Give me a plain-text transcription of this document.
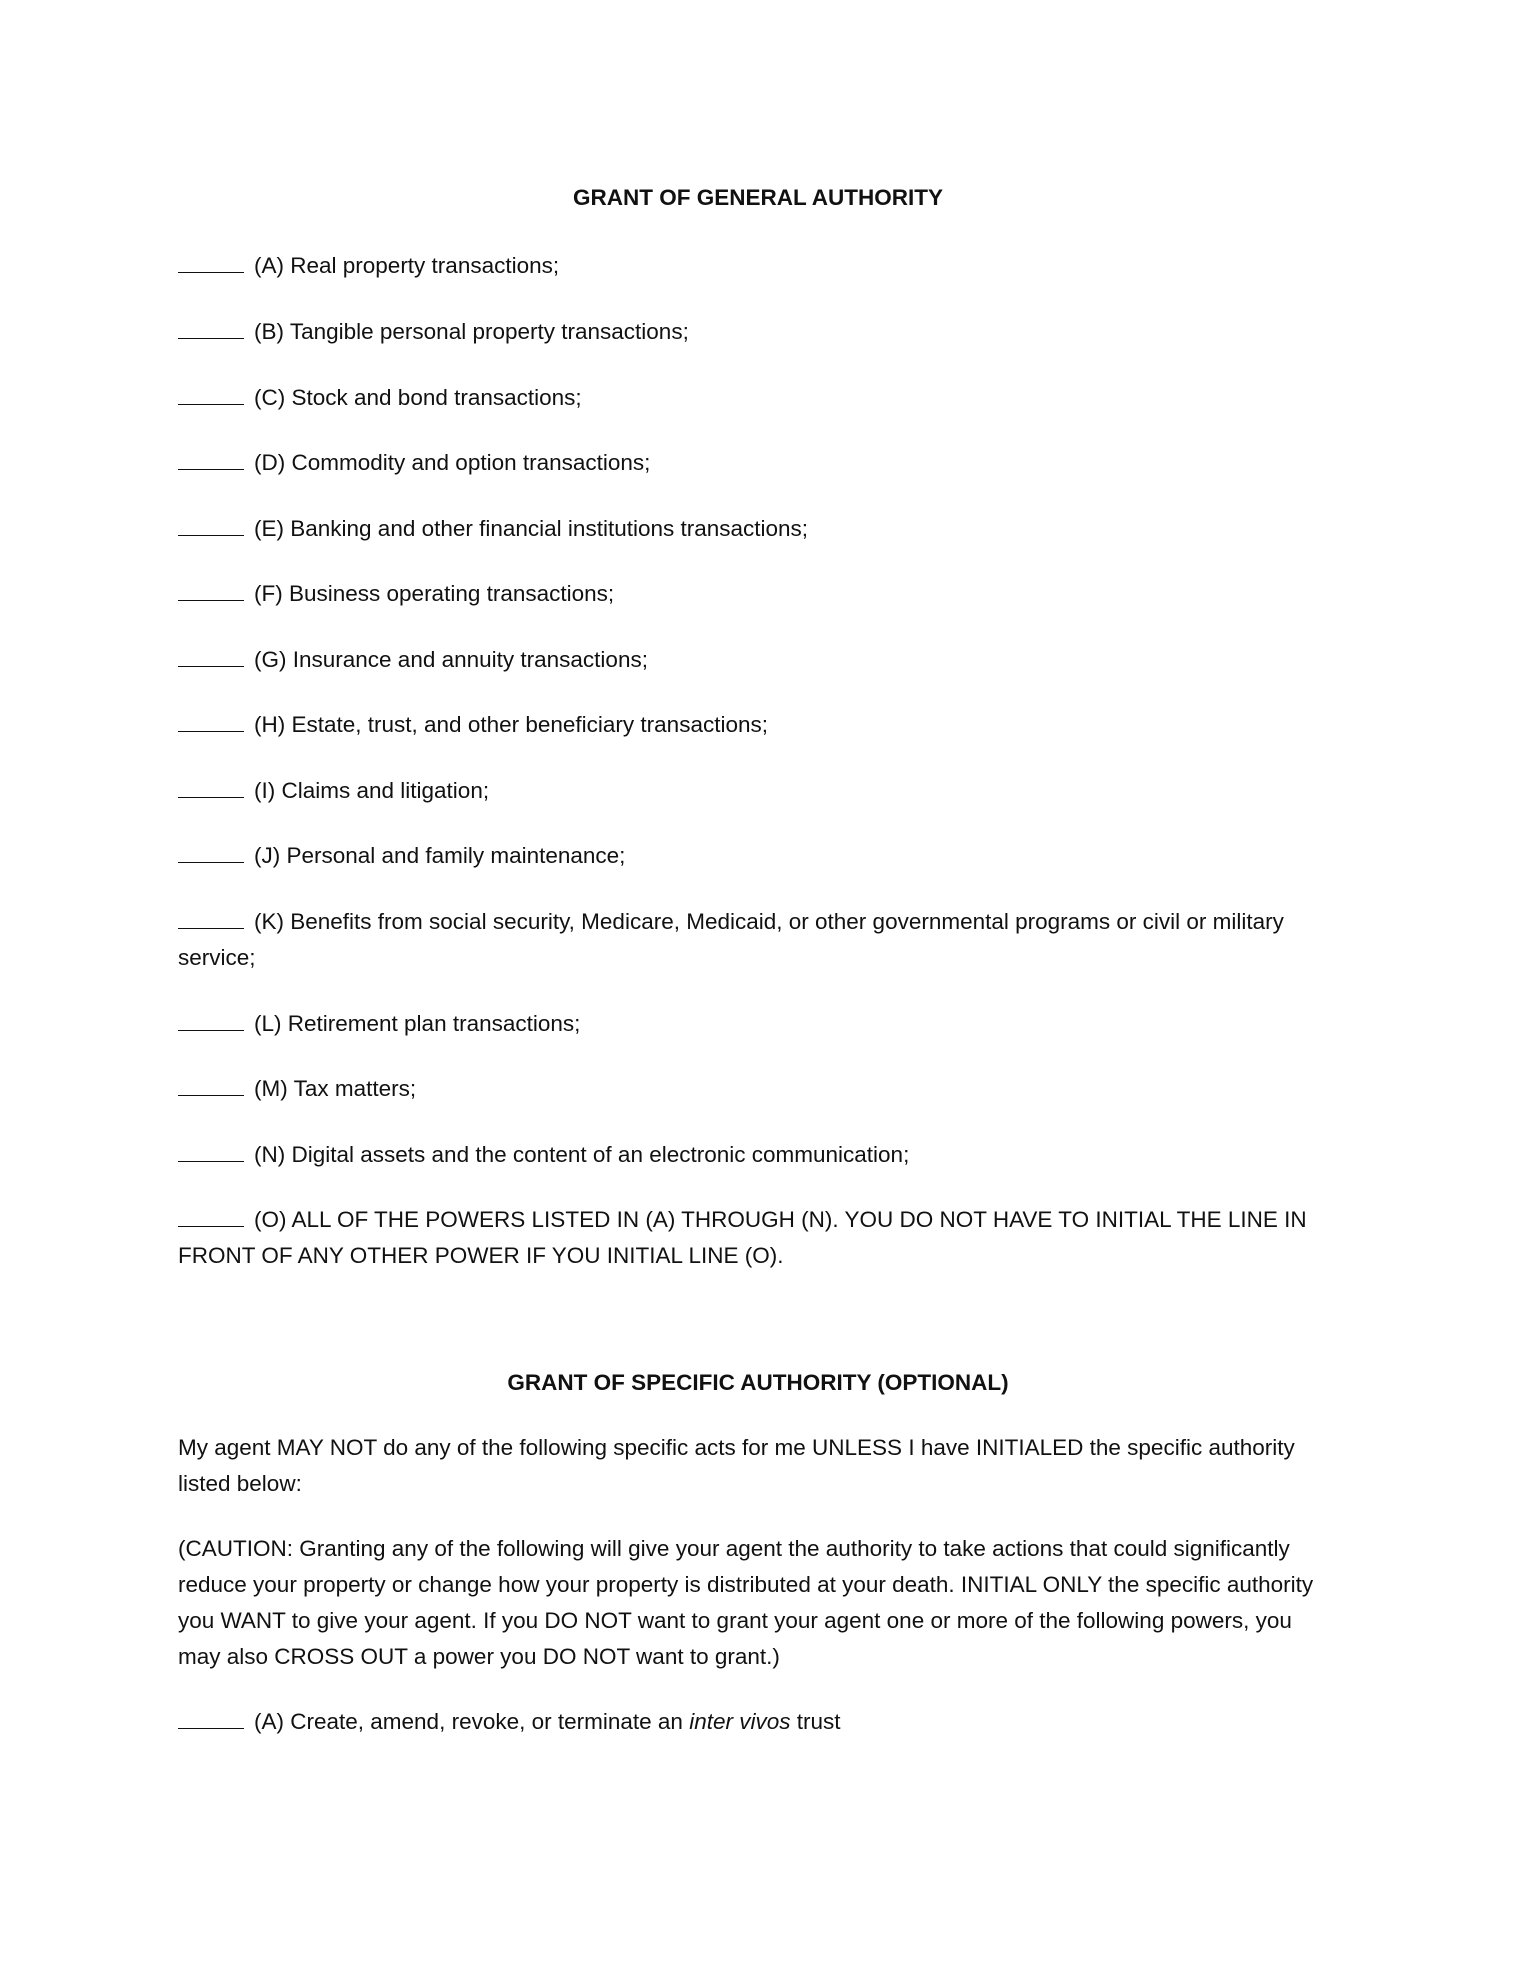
GRANT OF GENERAL AUTHORITY

(A) Real property transactions;

(B) Tangible personal property transactions;

(C) Stock and bond transactions;

(D) Commodity and option transactions;

(E) Banking and other financial institutions transactions;

(F) Business operating transactions;

(G) Insurance and annuity transactions;

(H) Estate, trust, and other beneficiary transactions;

(I) Claims and litigation;

(J) Personal and family maintenance;

(K) Benefits from social security, Medicare, Medicaid, or other governmental programs or civil or military service;

(L) Retirement plan transactions;

(M) Tax matters;

(N) Digital assets and the content of an electronic communication;

(O) ALL OF THE POWERS LISTED IN (A) THROUGH (N). YOU DO NOT HAVE TO INITIAL THE LINE IN FRONT OF ANY OTHER POWER IF YOU INITIAL LINE (O).

GRANT OF SPECIFIC AUTHORITY (OPTIONAL)

My agent MAY NOT do any of the following specific acts for me UNLESS I have INITIALED the specific authority listed below:

(CAUTION: Granting any of the following will give your agent the authority to take actions that could significantly reduce your property or change how your property is distributed at your death. INITIAL ONLY the specific authority you WANT to give your agent. If you DO NOT want to grant your agent one or more of the following powers, you may also CROSS OUT a power you DO NOT want to grant.)

(A) Create, amend, revoke, or terminate an inter vivos trust
